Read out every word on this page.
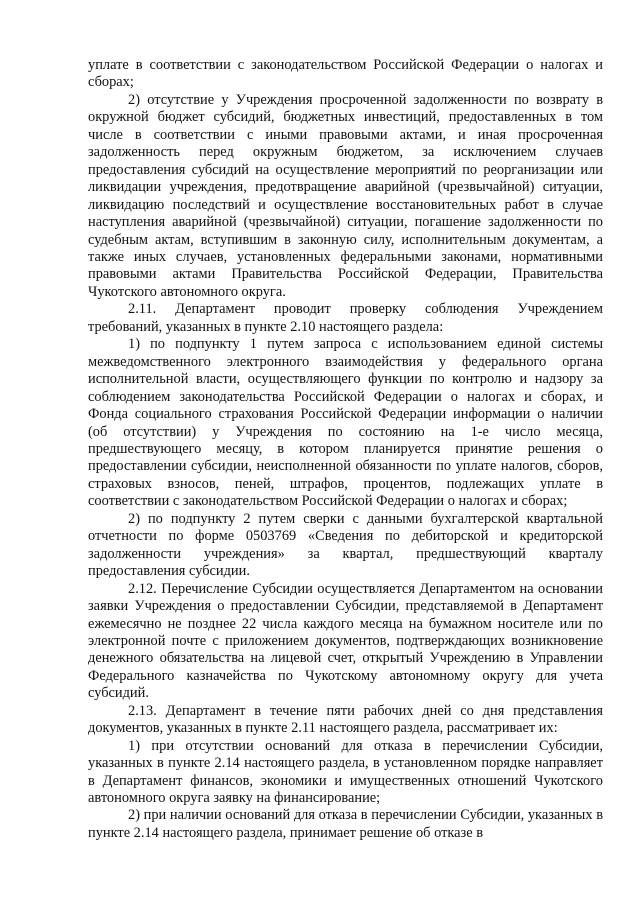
уплате в соответствии с законодательством Российской Федерации о налогах и сборах;

2) отсутствие у Учреждения просроченной задолженности по возврату в окружной бюджет субсидий, бюджетных инвестиций, предоставленных в том числе в соответствии с иными правовыми актами, и иная просроченная задолженность перед окружным бюджетом, за исключением случаев предоставления субсидий на осуществление мероприятий по реорганизации или ликвидации учреждения, предотвращение аварийной (чрезвычайной) ситуации, ликвидацию последствий и осуществление восстановительных работ в случае наступления аварийной (чрезвычайной) ситуации, погашение задолженности по судебным актам, вступившим в законную силу, исполнительным документам, а также иных случаев, установленных федеральными законами, нормативными правовыми актами Правительства Российской Федерации, Правительства Чукотского автономного округа.

2.11. Департамент проводит проверку соблюдения Учреждением требований, указанных в пункте 2.10 настоящего раздела:

1) по подпункту 1 путем запроса с использованием единой системы межведомственного электронного взаимодействия у федерального органа исполнительной власти, осуществляющего функции по контролю и надзору за соблюдением законодательства Российской Федерации о налогах и сборах, и Фонда социального страхования Российской Федерации информации о наличии (об отсутствии) у Учреждения по состоянию на 1-е число месяца, предшествующего месяцу, в котором планируется принятие решения о предоставлении субсидии, неисполненной обязанности по уплате налогов, сборов, страховых взносов, пеней, штрафов, процентов, подлежащих уплате в соответствии с законодательством Российской Федерации о налогах и сборах;

2) по подпункту 2 путем сверки с данными бухгалтерской квартальной отчетности по форме 0503769 «Сведения по дебиторской и кредиторской задолженности учреждения» за квартал, предшествующий кварталу предоставления субсидии.

2.12. Перечисление Субсидии осуществляется Департаментом на основании заявки Учреждения о предоставлении Субсидии, представляемой в Департамент ежемесячно не позднее 22 числа каждого месяца на бумажном носителе или по электронной почте с приложением документов, подтверждающих возникновение денежного обязательства на лицевой счет, открытый Учреждению в Управлении Федерального казначейства по Чукотскому автономному округу для учета субсидий.

2.13. Департамент в течение пяти рабочих дней со дня представления документов, указанных в пункте 2.11 настоящего раздела, рассматривает их:

1) при отсутствии оснований для отказа в перечислении Субсидии, указанных в пункте 2.14 настоящего раздела, в установленном порядке направляет в Департамент финансов, экономики и имущественных отношений Чукотского автономного округа заявку на финансирование;

2) при наличии оснований для отказа в перечислении Субсидии, указанных в пункте 2.14 настоящего раздела, принимает решение об отказе в
